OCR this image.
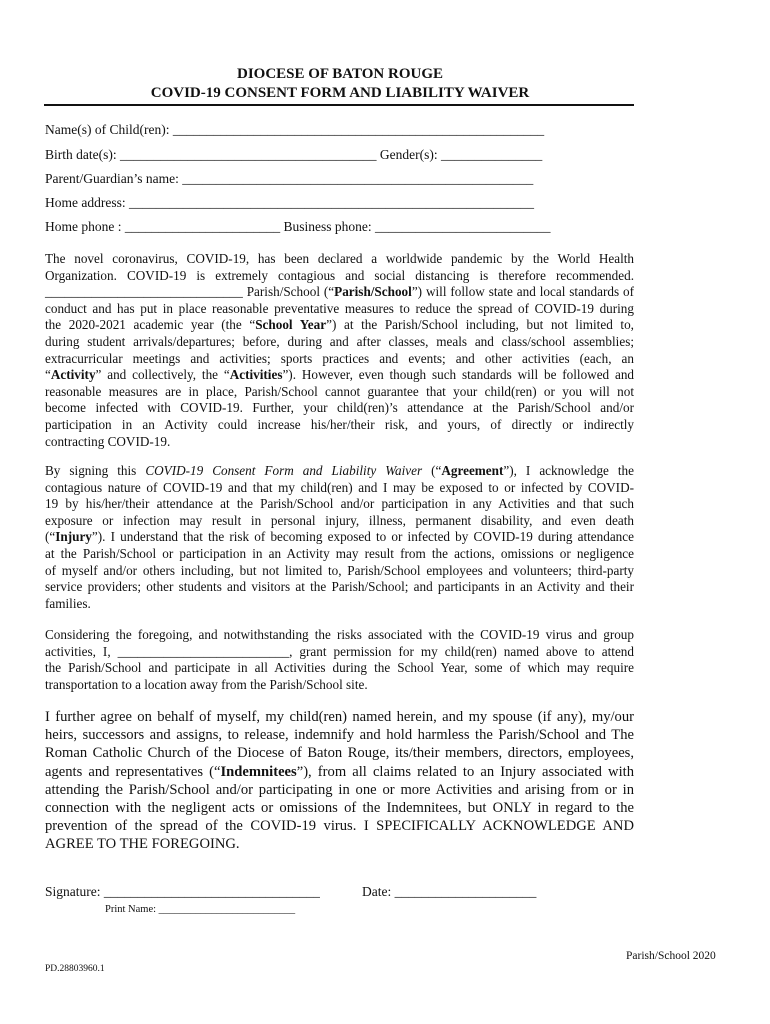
DIOCESE OF BATON ROUGE
COVID-19 CONSENT FORM AND LIABILITY WAIVER
Name(s) of Child(ren): _______________________________________________________
Birth date(s): ______________________________________ Gender(s): _______________
Parent/Guardian’s name: ____________________________________________________
Home address: ____________________________________________________________
Home phone : _______________________ Business phone: __________________________
The novel coronavirus, COVID-19, has been declared a worldwide pandemic by the World Health
Organization. COVID-19 is extremely contagious and social distancing is therefore recommended.
______________________________ Parish/School (“Parish/School”) will follow state and local standards of
conduct and has put in place reasonable preventative measures to reduce the spread of COVID-19 during
the 2020-2021 academic year (the “School Year”) at the Parish/School including, but not limited to,
during student arrivals/departures; before, during and after classes, meals and class/school assemblies;
extracurricular meetings and activities; sports practices and events; and other activities (each, an
“Activity” and collectively, the “Activities”). However, even though such standards will be followed and
reasonable measures are in place, Parish/School cannot guarantee that your child(ren) or you will not
become infected with COVID-19. Further, your child(ren)’s attendance at the Parish/School and/or
participation in an Activity could increase his/her/their risk, and yours, of directly or indirectly
contracting COVID-19.
By signing this COVID-19 Consent Form and Liability Waiver (“Agreement”), I acknowledge the
contagious nature of COVID-19 and that my child(ren) and I may be exposed to or infected by COVID-
19 by his/her/their attendance at the Parish/School and/or participation in any Activities and that such
exposure or infection may result in personal injury, illness, permanent disability, and even death
(“Injury”). I understand that the risk of becoming exposed to or infected by COVID-19 during attendance
at the Parish/School or participation in an Activity may result from the actions, omissions or negligence
of myself and/or others including, but not limited to, Parish/School employees and volunteers; third-party
service providers; other students and visitors at the Parish/School; and participants in an Activity and their
families.
Considering the foregoing, and notwithstanding the risks associated with the COVID-19 virus and group
activities, I, __________________________, grant permission for my child(ren) named above to attend
the Parish/School and participate in all Activities during the School Year, some of which may require
transportation to a location away from the Parish/School site.
I further agree on behalf of myself, my child(ren) named herein, and my spouse (if any), my/our
heirs, successors and assigns, to release, indemnify and hold harmless the Parish/School and The
Roman Catholic Church of the Diocese of Baton Rouge, its/their members, directors, employees,
agents and representatives (“Indemnitees”), from all claims related to an Injury associated with
attending the Parish/School and/or participating in one or more Activities and arising from or in
connection with the negligent acts or omissions of the Indemnitees, but ONLY in regard to the
prevention of the spread of the COVID-19 virus. I SPECIFICALLY ACKNOWLEDGE AND
AGREE TO THE FOREGOING.
Signature: ________________________________	Date: _____________________
Print Name: __________________________
Parish/School 2020
PD.28803960.1
